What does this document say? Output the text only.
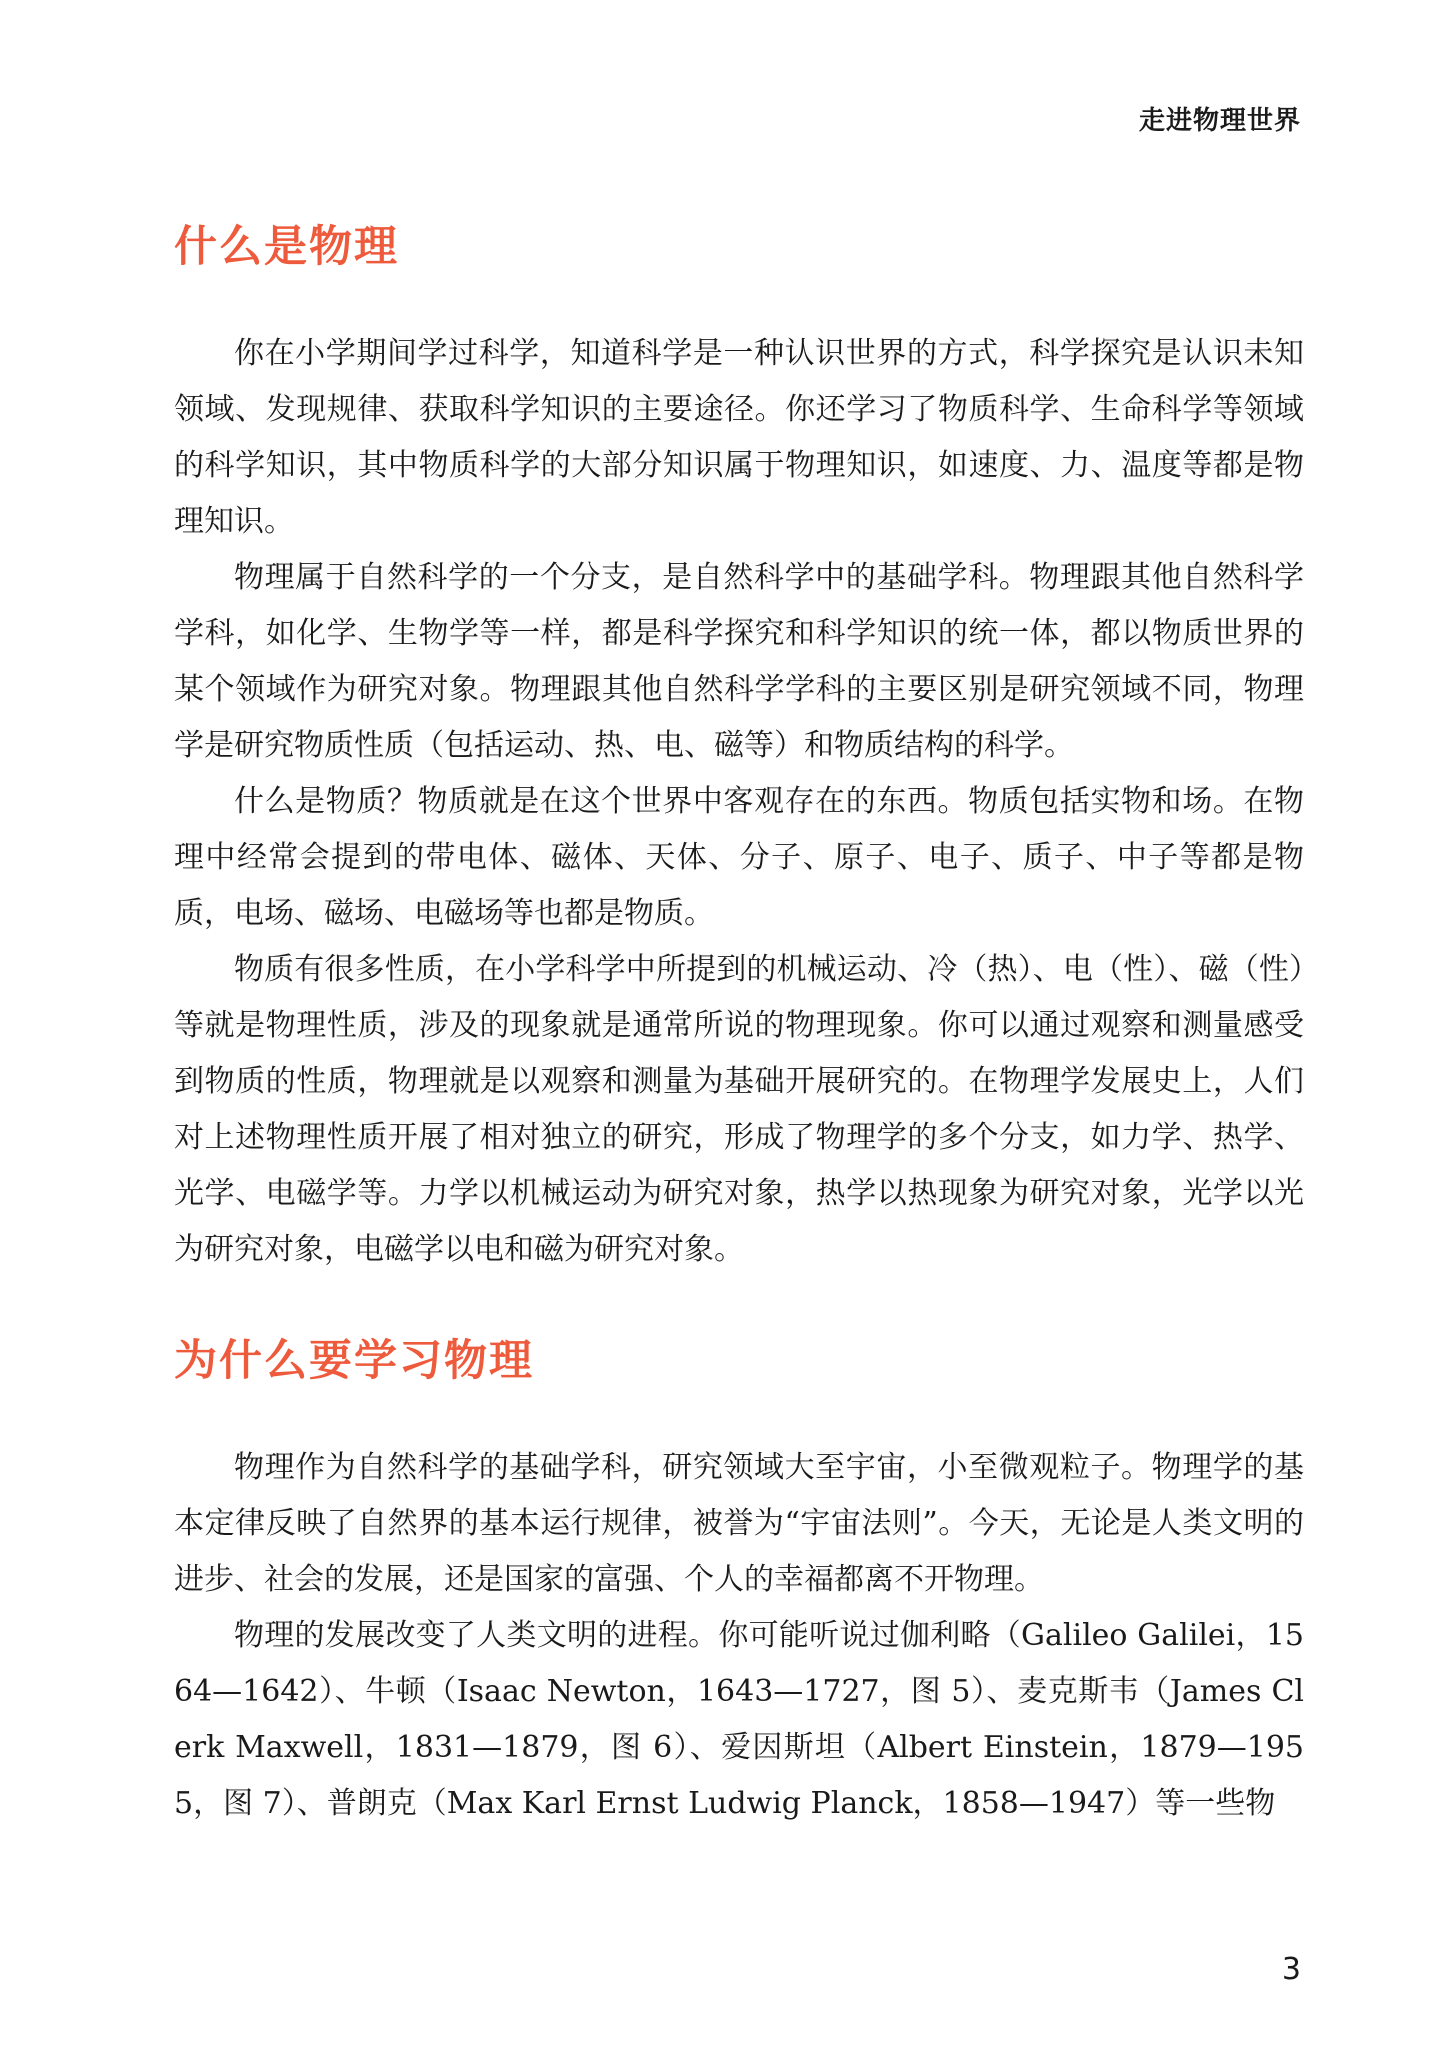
走进物理世界
什么是物理

你在小学期间学过科学，知道科学是一种认识世界的方式，科学探究是认识未知领域、发现规律、获取科学知识的主要途径。你还学习了物质科学、生命科学等领域的科学知识，其中物质科学的大部分知识属于物理知识，如速度、力、温度等都是物理知识。

物理属于自然科学的一个分支，是自然科学中的基础学科。物理跟其他自然科学学科，如化学、生物学等一样，都是科学探究和科学知识的统一体，都以物质世界的某个领域作为研究对象。物理跟其他自然科学学科的主要区别是研究领域不同，物理学是研究物质性质（包括运动、热、电、磁等）和物质结构的科学。

什么是物质？物质就是在这个世界中客观存在的东西。物质包括实物和场。在物理中经常会提到的带电体、磁体、天体、分子、原子、电子、质子、中子等都是物质，电场、磁场、电磁场等也都是物质。

物质有很多性质，在小学科学中所提到的机械运动、冷（热）、电（性）、磁（性）等就是物理性质，涉及的现象就是通常所说的物理现象。你可以通过观察和测量感受到物质的性质，物理就是以观察和测量为基础开展研究的。在物理学发展史上，人们对上述物理性质开展了相对独立的研究，形成了物理学的多个分支，如力学、热学、光学、电磁学等。力学以机械运动为研究对象，热学以热现象为研究对象，光学以光为研究对象，电磁学以电和磁为研究对象。

为什么要学习物理

物理作为自然科学的基础学科，研究领域大至宇宙，小至微观粒子。物理学的基本定律反映了自然界的基本运行规律，被誉为“宇宙法则”。今天，无论是人类文明的进步、社会的发展，还是国家的富强、个人的幸福都离不开物理。

物理的发展改变了人类文明的进程。你可能听说过伽利略（Galileo Galilei，1564—1642）、牛顿（Isaac Newton，1643—1727，图 5）、麦克斯韦（James Clerk Maxwell，1831—1879，图 6）、爱因斯坦（Albert Einstein，1879—1955，图 7）、普朗克（Max Karl Ernst Ludwig Planck，1858—1947）等一些物

3
